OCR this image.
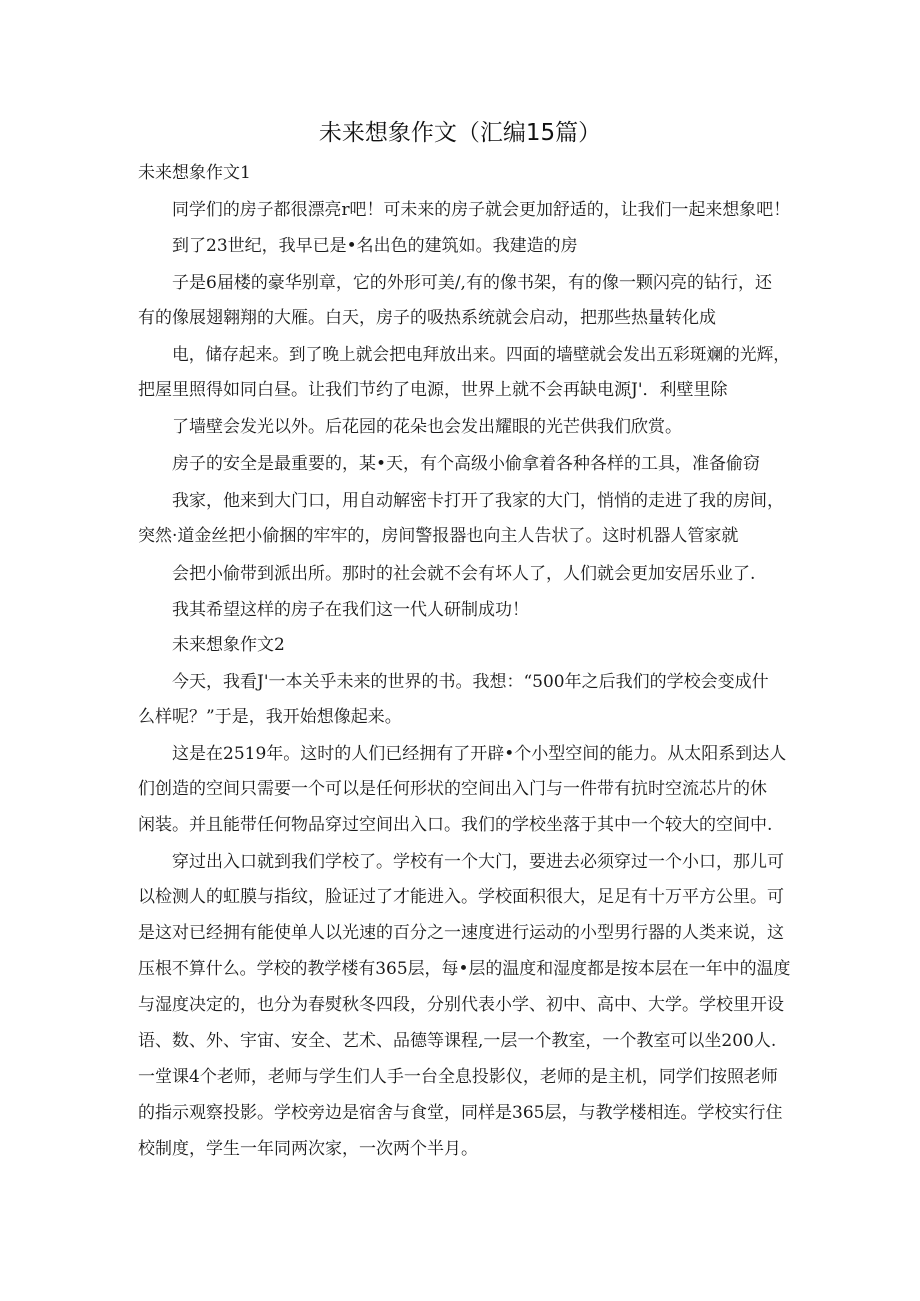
未来想象作文（汇编15篇）
未来想象作文1
同学们的房子都很漂亮r吧！可未来的房子就会更加舒适的，让我们一起来想象吧！
到了23世纪，我早已是•名出色的建筑如。我建造的房
子是6届楼的豪华别章，它的外形可美/,有的像书架，有的像一颗闪亮的钻行，还
有的像展翅翱翔的大雁。白天，房子的吸热系统就会启动，把那些热量转化成
电，储存起来。到了晚上就会把电拜放出来。四面的墙壁就会发出五彩斑斓的光辉，
把屋里照得如同白昼。让我们节约了电源，世界上就不会再缺电源J'．利壁里除
了墙壁会发光以外。后花园的花朵也会发出耀眼的光芒供我们欣赏。
房子的安全是最重要的，某•天，有个高级小偷拿着各种各样的工具，准备偷窃
我家，他来到大门口，用自动解密卡打开了我家的大门，悄悄的走进了我的房间，
突然·道金丝把小偷捆的牢牢的，房间警报器也向主人告状了。这时机器人管家就
会把小偷带到派出所。那时的社会就不会有坏人了，人们就会更加安居乐业了.
我其希望这样的房子在我们这一代人研制成功！
未来想象作文2
今天，我看J'一本关乎未来的世界的书。我想：“500年之后我们的学校会变成什
么样呢？”于是，我开始想像起来。
这是在2519年。这时的人们已经拥有了开辟•个小型空间的能力。从太阳系到达人
们创造的空间只需要一个可以是任何形状的空间出入门与一件带有抗时空流芯片的休
闲装。并且能带任何物品穿过空间出入口。我们的学校坐落于其中一个较大的空间中.
穿过出入口就到我们学校了。学校有一个大门，要进去必须穿过一个小口，那儿可
以检测人的虹膜与指纹，脸证过了才能进入。学校面积很大，足足有十万平方公里。可
是这对已经拥有能使单人以光速的百分之一速度进行运动的小型男行器的人类来说，这
压根不算什么。学校的教学楼有365层，每•层的温度和湿度都是按本层在一年中的温度
与湿度决定的，也分为春熨秋冬四段，分别代表小学、初中、高中、大学。学校里开设
语、数、外、宇宙、安全、艺术、品德等课程,一层一个教室，一个教室可以坐200人.
一堂课4个老师，老师与学生们人手一台全息投影仪，老师的是主机，同学们按照老师
的指示观察投影。学校旁边是宿舍与食堂，同样是365层，与教学楼相连。学校实行住
校制度，学生一年同两次家，一次两个半月。
